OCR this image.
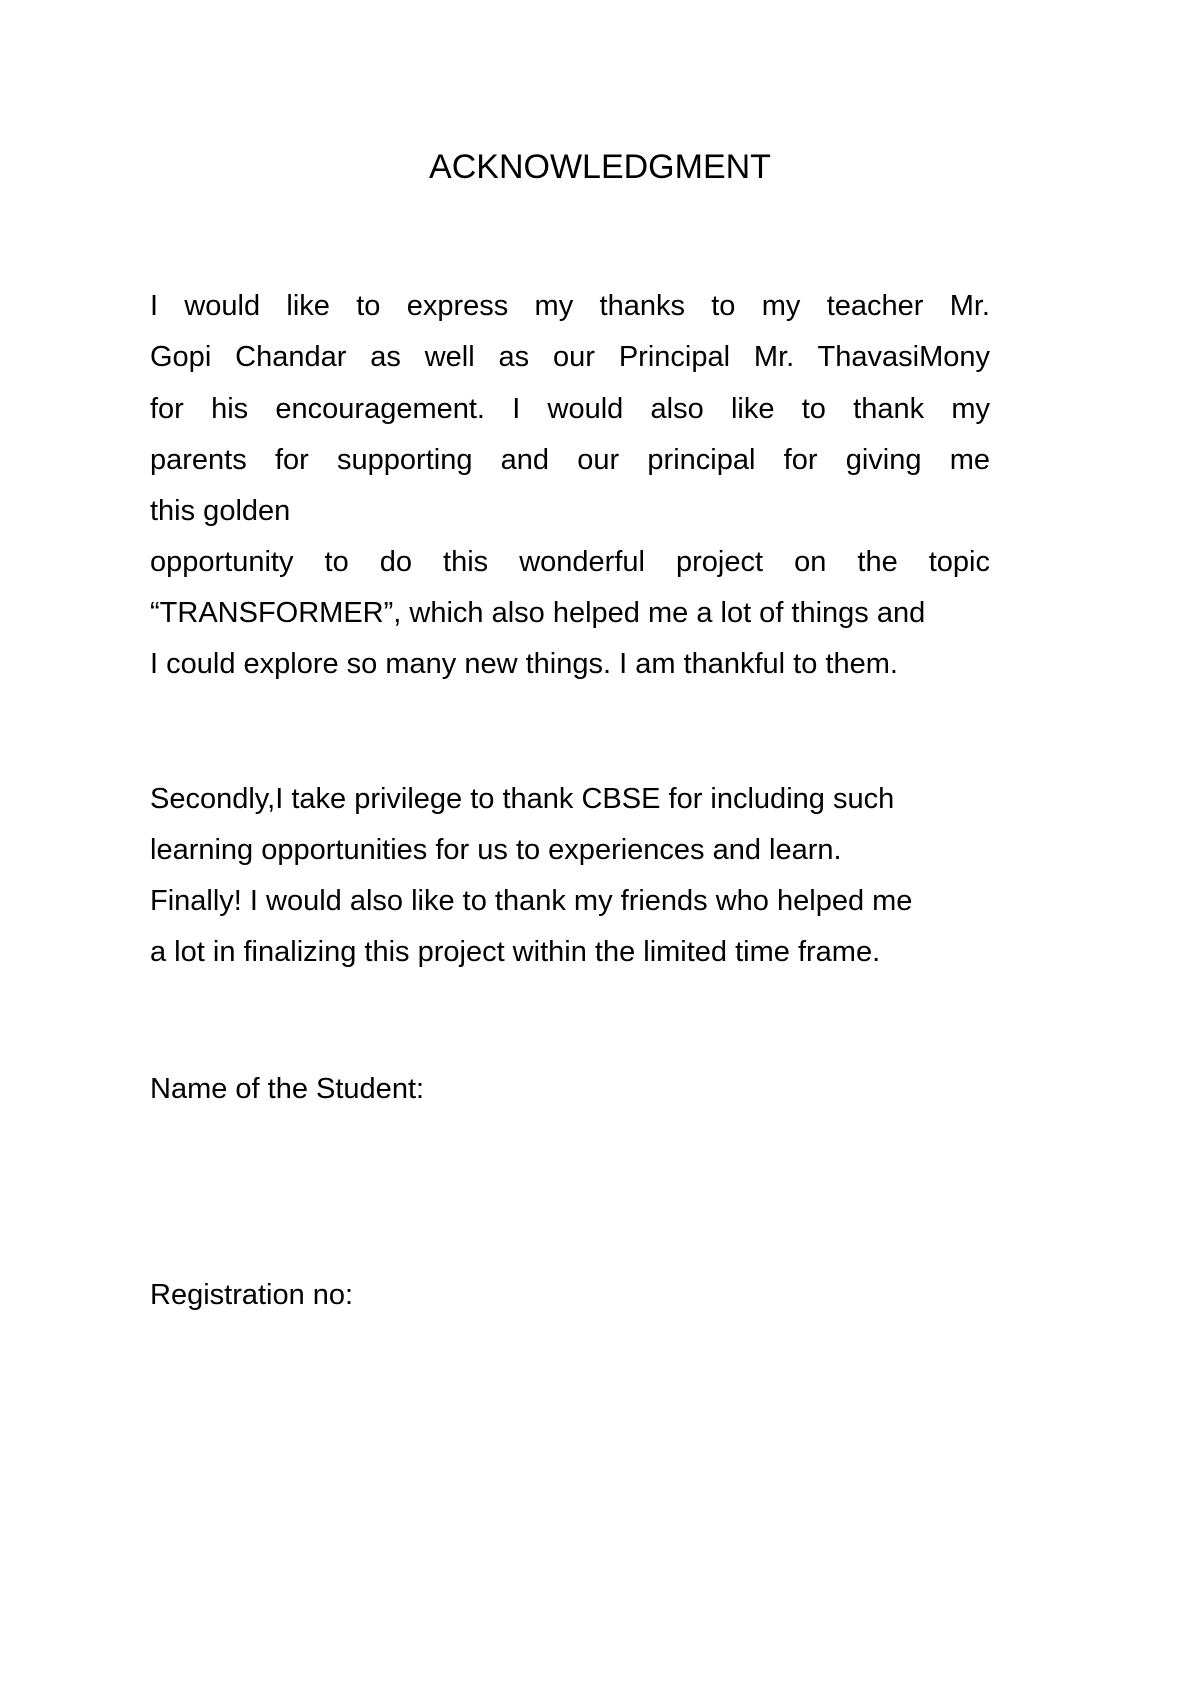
ACKNOWLEDGMENT
I would like to express my thanks to my teacher Mr.
Gopi Chandar as well as our Principal Mr. ThavasiMony
for his encouragement. I would also like to thank my
parents for supporting and our principal for giving me
this golden
opportunity to do this wonderful project on the topic
“TRANSFORMER”, which also helped me a lot of things and
I could explore so many new things. I am thankful to them.
Secondly,I take privilege to thank CBSE for including such
learning opportunities for us to experiences and learn.
Finally! I would also like to thank my friends who helped me
a lot in finalizing this project within the limited time frame.
Name of the Student:
Registration no:
